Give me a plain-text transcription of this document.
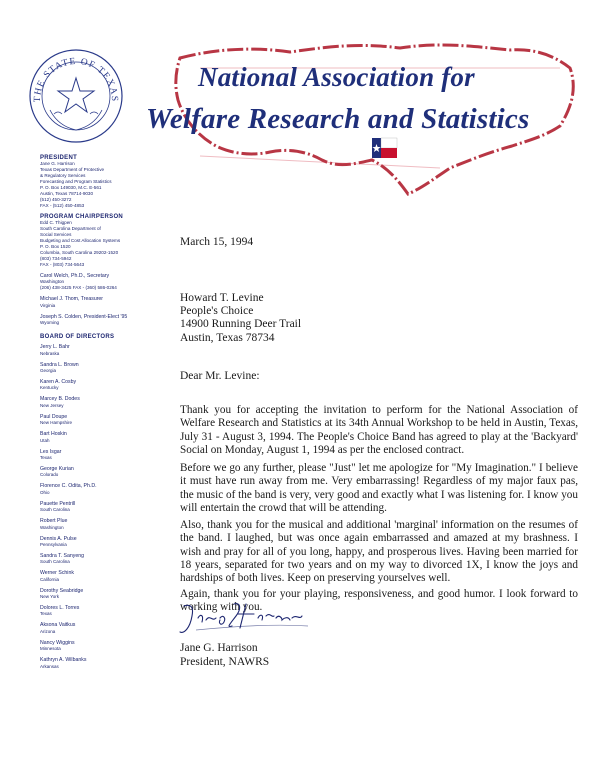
THE STATE OF TEXAS
National Association for
Welfare Research and Statistics
PRESIDENT
Jane G. Harrison
Texas Department of Protective
& Regulatory Services
Forecasting and Program Statistics
P. O. Box 149030, M.C. E-561
Austin, Texas 78714-9030
(512) 450-3272
FAX - (512) 450-4853
PROGRAM CHAIRPERSON
Edd C. Thigpen
South Carolina Department of
Social Services
Budgeting and Cost Allocation Systems
P. O. Box 1520
Columbia, South Carolina 29202-1520
(803) 734-5942
FAX - (803) 734-5643
Carol Welch, Ph.D., Secretary
Washington
(206) 438-3425 FAX - (360) 586-0264
Michael J. Thom, Treasurer
Virginia
Joseph S. Colden, President-Elect '95
Wyoming
BOARD OF DIRECTORS
Jerry L. Bahr
Nebraska
Sandra L. Brown
Georgia
Karen A. Cosby
Kentucky
Marcey B. Dodes
New Jersey
Paul Doupe
New Hampshire
Bart Hoskin
Utah
Les Isgar
Texas
George Kurian
Colorado
Florence C. Odita, Ph.D.
Ohio
Pauette Pentrill
South Carolina
Robert Plue
Washington
Dennis A. Pulse
Pennsylvania
Sandra T. Sanyeng
South Carolina
Werner Schink
California
Dorothy Seabridge
New York
Dolores L. Torres
Texas
Aksona Vaitkus
Arizona
Nancy Wiggins
Minnesota
Kathryn A. Wilbanks
Arkansas
March 15, 1994
Howard T. Levine
People's Choice
14900 Running Deer Trail
Austin, Texas 78734
Dear Mr. Levine:
Thank you for accepting the invitation to perform for the National Association of Welfare Research and Statistics at its 34th Annual Workshop to be held in Austin, Texas, July 31 - August 3, 1994. The People's Choice Band has agreed to play at the 'Backyard' Social on Monday, August 1, 1994 as per the enclosed contract.
Before we go any further, please "Just" let me apologize for "My Imagination." I believe it must have run away from me. Very embarrassing! Regardless of my major faux pas, the music of the band is very, very good and exactly what I was listening for. I know you will entertain the crowd that will be attending.
Also, thank you for the musical and additional 'marginal' information on the resumes of the band. I laughed, but was once again embarrassed and amazed at my brashness. I wish and pray for all of you long, happy, and prosperous lives. Having been married for 18 years, separated for two years and on my way to divorced 1X, I know the joys and hardships of both lives. Keep on preserving yourselves well.
Again, thank you for your playing, responsiveness, and good humor. I look forward to working with you.
Jane G. Harrison
President, NAWRS
